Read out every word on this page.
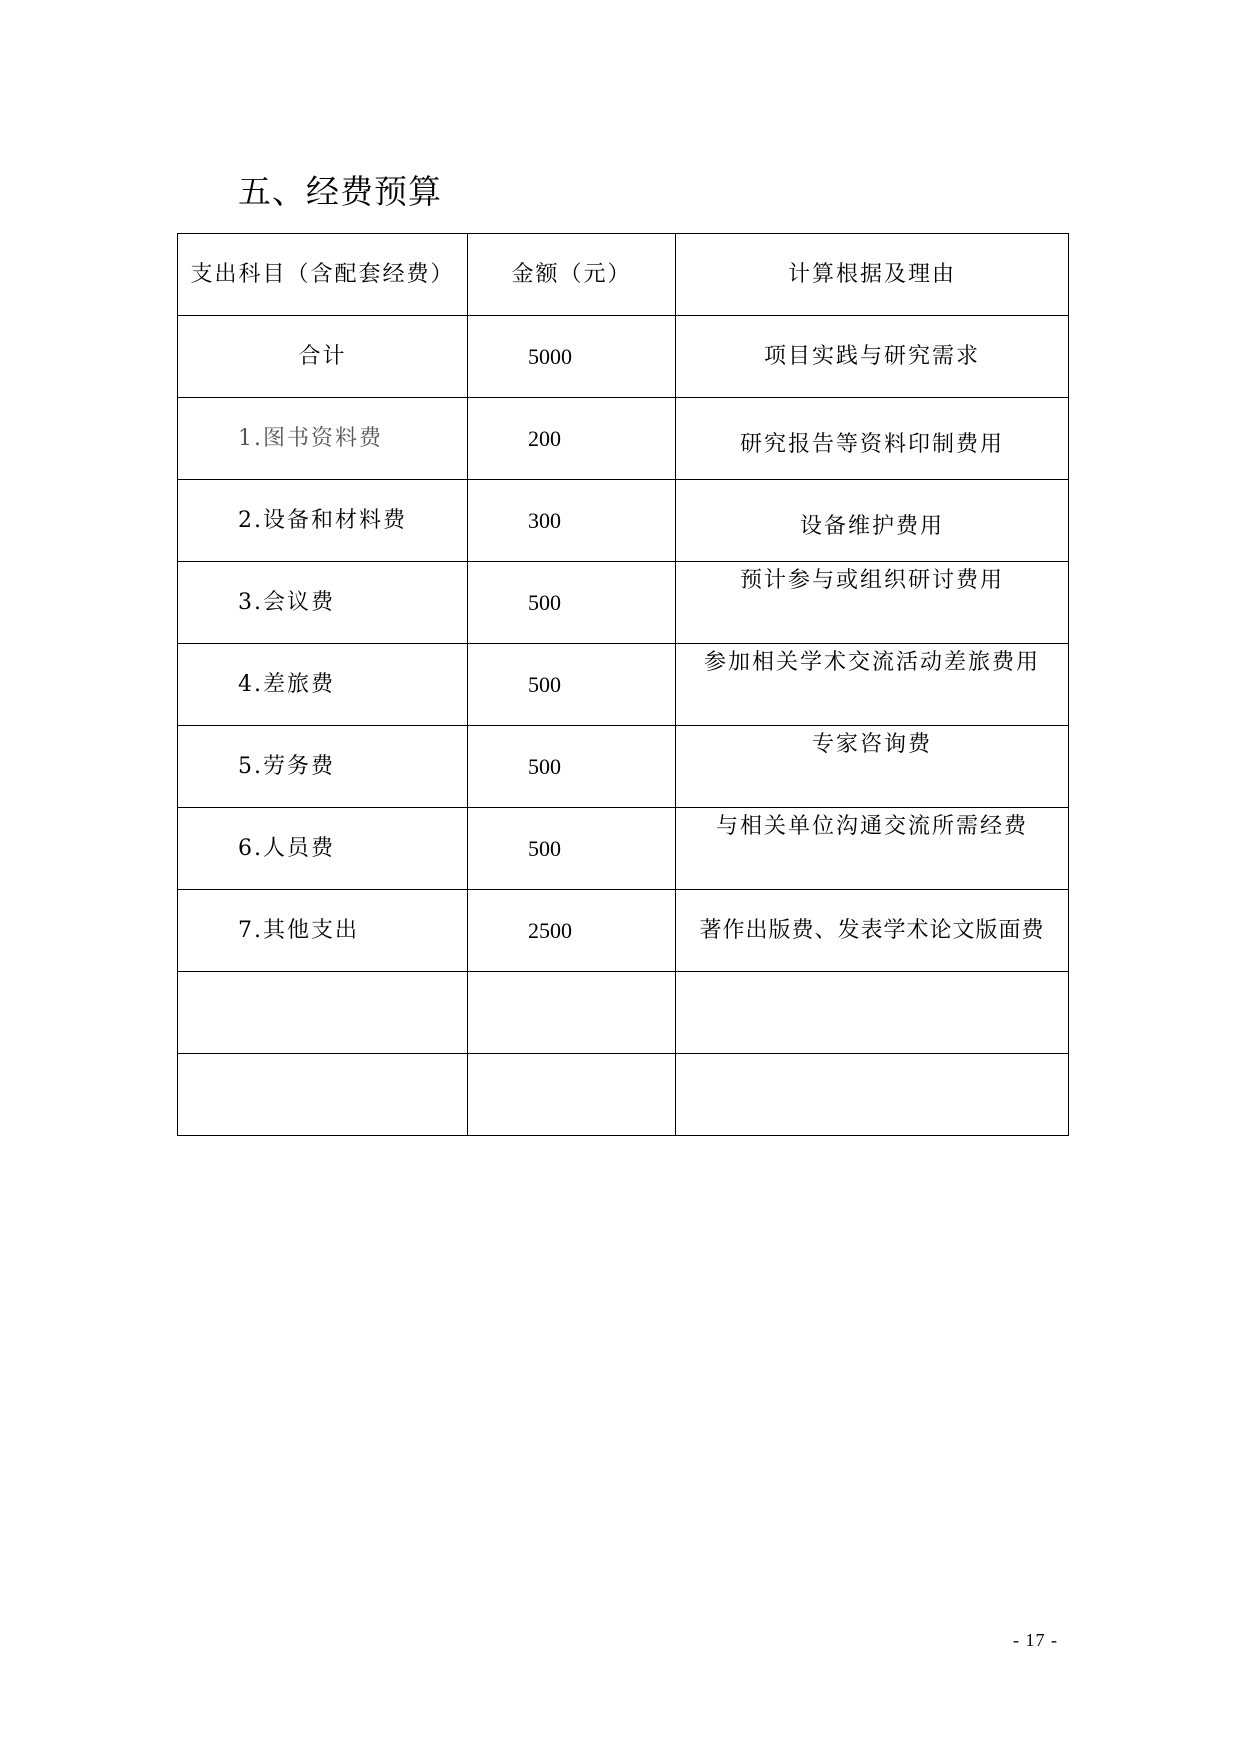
五、经费预算
支出科目（含配套经费）	金额（元）	计算根据及理由

合计	5000	项目实践与研究需求

1.图书资料费	200	研究报告等资料印制费用

2.设备和材料费	300	设备维护费用

3.会议费	500	预计参与或组织研讨费用

4.差旅费	500	参加相关学术交流活动差旅费用

5.劳务费	500	专家咨询费

6.人员费	500	与相关单位沟通交流所需经费

7.其他支出	2500	著作出版费、发表学术论文版面费

- 17 -
